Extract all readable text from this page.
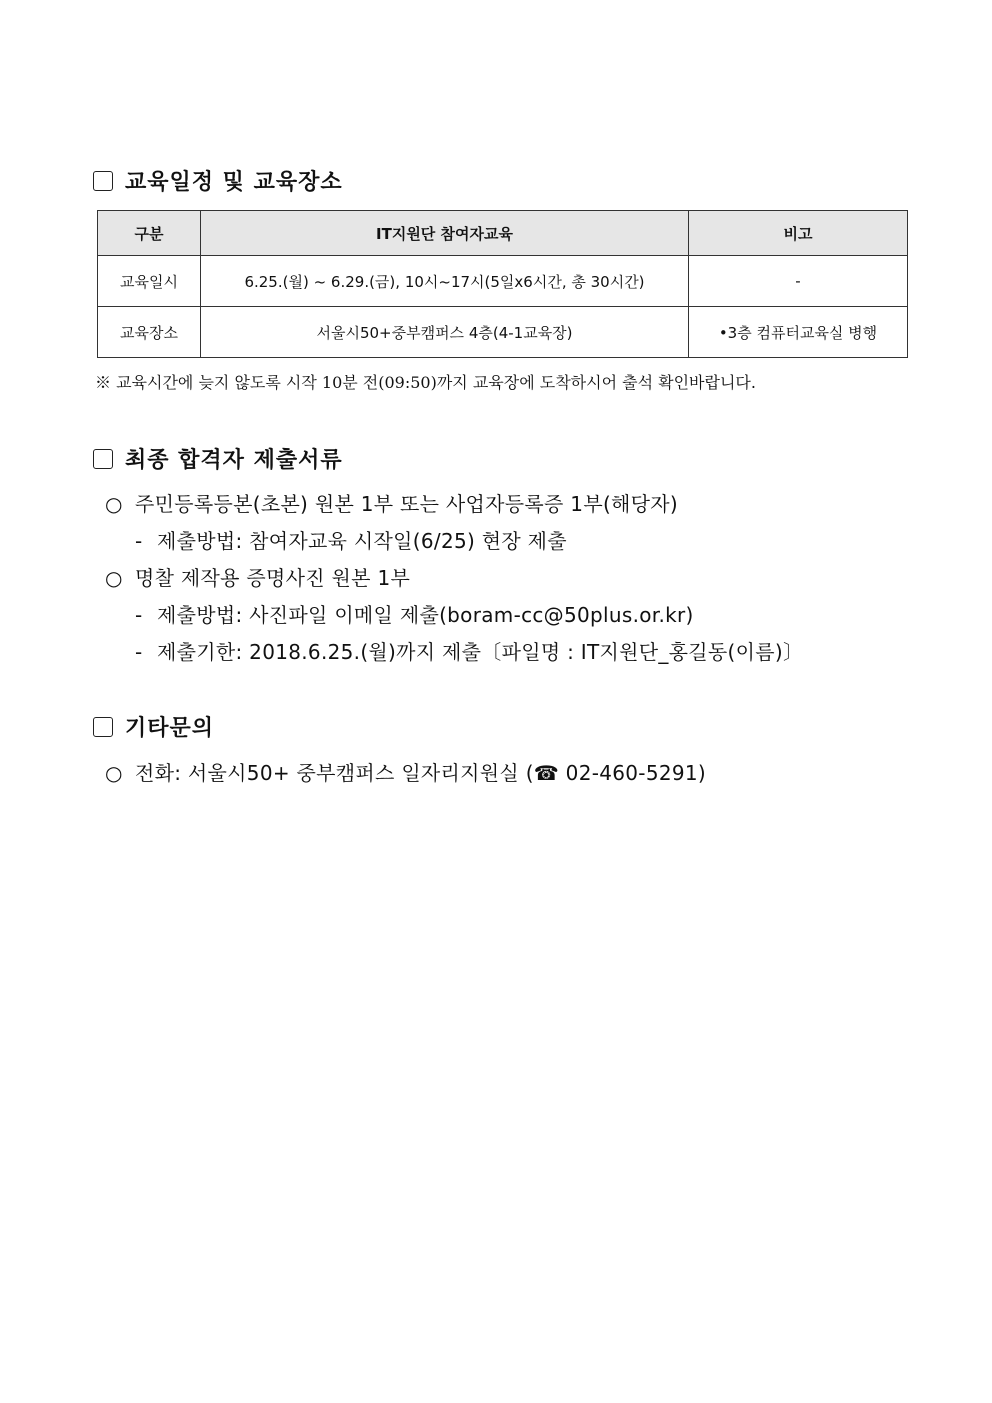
교육일정 및 교육장소
구분	IT지원단 참여자교육	비고
교육일시	6.25.(월) ~ 6.29.(금), 10시~17시(5일x6시간, 총 30시간)	-
교육장소	서울시50+중부캠퍼스 4층(4-1교육장)	•3층 컴퓨터교육실 병행
※ 교육시간에 늦지 않도록 시작 10분 전(09:50)까지 교육장에 도착하시어 출석 확인바랍니다.
최종 합격자 제출서류
○ 주민등록등본(초본) 원본 1부 또는 사업자등록증 1부(해당자)
- 제출방법: 참여자교육 시작일(6/25) 현장 제출
○ 명찰 제작용 증명사진 원본 1부
- 제출방법: 사진파일 이메일 제출(boram-cc@50plus.or.kr)
- 제출기한: 2018.6.25.(월)까지 제출〔파일명 : IT지원단_홍길동(이름)〕
기타문의
○ 전화: 서울시50+ 중부캠퍼스 일자리지원실 (☎ 02-460-5291)
